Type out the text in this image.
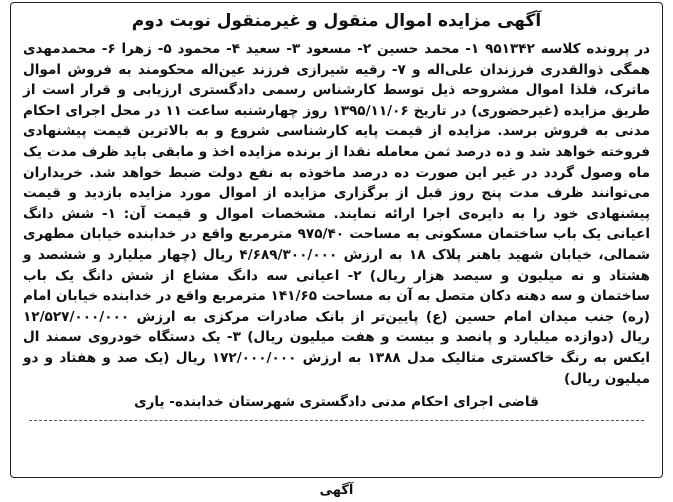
آگهی مزایده اموال منقول و غیرمنقول نوبت دوم

در پرونده کلاسه ۹۵۱۳۴۲ ۱- محمد حسین ۲- مسعود ۳- سعید ۴- محمود ۵- زهرا ۶- محمدمهدی همگی ذوالقدری فرزندان علی‌اله و ۷- رقیه شیرازی فرزند عین‌اله محکومند به فروش اموال ماترک، فلذا اموال مشروحه ذیل توسط کارشناس رسمی دادگستری ارزیابی و قرار است از طریق مزایده (غیرحضوری) در تاریخ ۱۳۹۵/۱۱/۰۶ روز چهارشنبه ساعت ۱۱ در محل اجرای احکام مدنی به فروش برسد. مزایده از قیمت پایه کارشناسی شروع و به بالاترین قیمت پیشنهادی فروخته خواهد شد و ده درصد ثمن معامله نقدا از برنده مزایده اخذ و مابقی باید ظرف مدت یک ماه وصول گردد در غیر این صورت ده درصد ماخوذه به نفع دولت ضبط خواهد شد. خریداران می‌توانند ظرف مدت پنج روز قبل از برگزاری مزایده از اموال مورد مزایده بازدید و قیمت پیشنهادی خود را به دایره‌ی اجرا ارائه نمایند. مشخصات اموال و قیمت آن: ۱- شش دانگ اعیانی یک باب ساختمان مسکونی به مساحت ۹۷۵/۴۰ مترمربع واقع در خدابنده خیابان مطهری شمالی، خیابان شهید باهنر پلاک ۱۸ به ارزش ۴/۶۸۹/۳۰۰/۰۰۰ ریال (چهار میلیارد و ششصد و هشتاد و نه میلیون و سیصد هزار ریال) ۲- اعیانی سه دانگ مشاع از شش دانگ یک باب ساختمان و سه دهنه دکان متصل به آن به مساحت ۱۴۱/۶۵ مترمربع واقع در خدابنده خیابان امام (ره) جنب میدان امام حسین (ع) پایین‌تر از بانک صادرات مرکزی به ارزش ۱۲/۵۲۷/۰۰۰/۰۰۰ ریال (دوازده میلیارد و پانصد و بیست و هفت میلیون ریال) ۳- یک دستگاه خودروی سمند ال ایکس به رنگ خاکستری متالیک مدل ۱۳۸۸ به ارزش ۱۷۲/۰۰۰/۰۰۰ ریال (یک صد و هفتاد و دو میلیون ریال)

قاضی اجرای احکام مدنی دادگستری شهرستان خدابنده- یاری
آگهی
